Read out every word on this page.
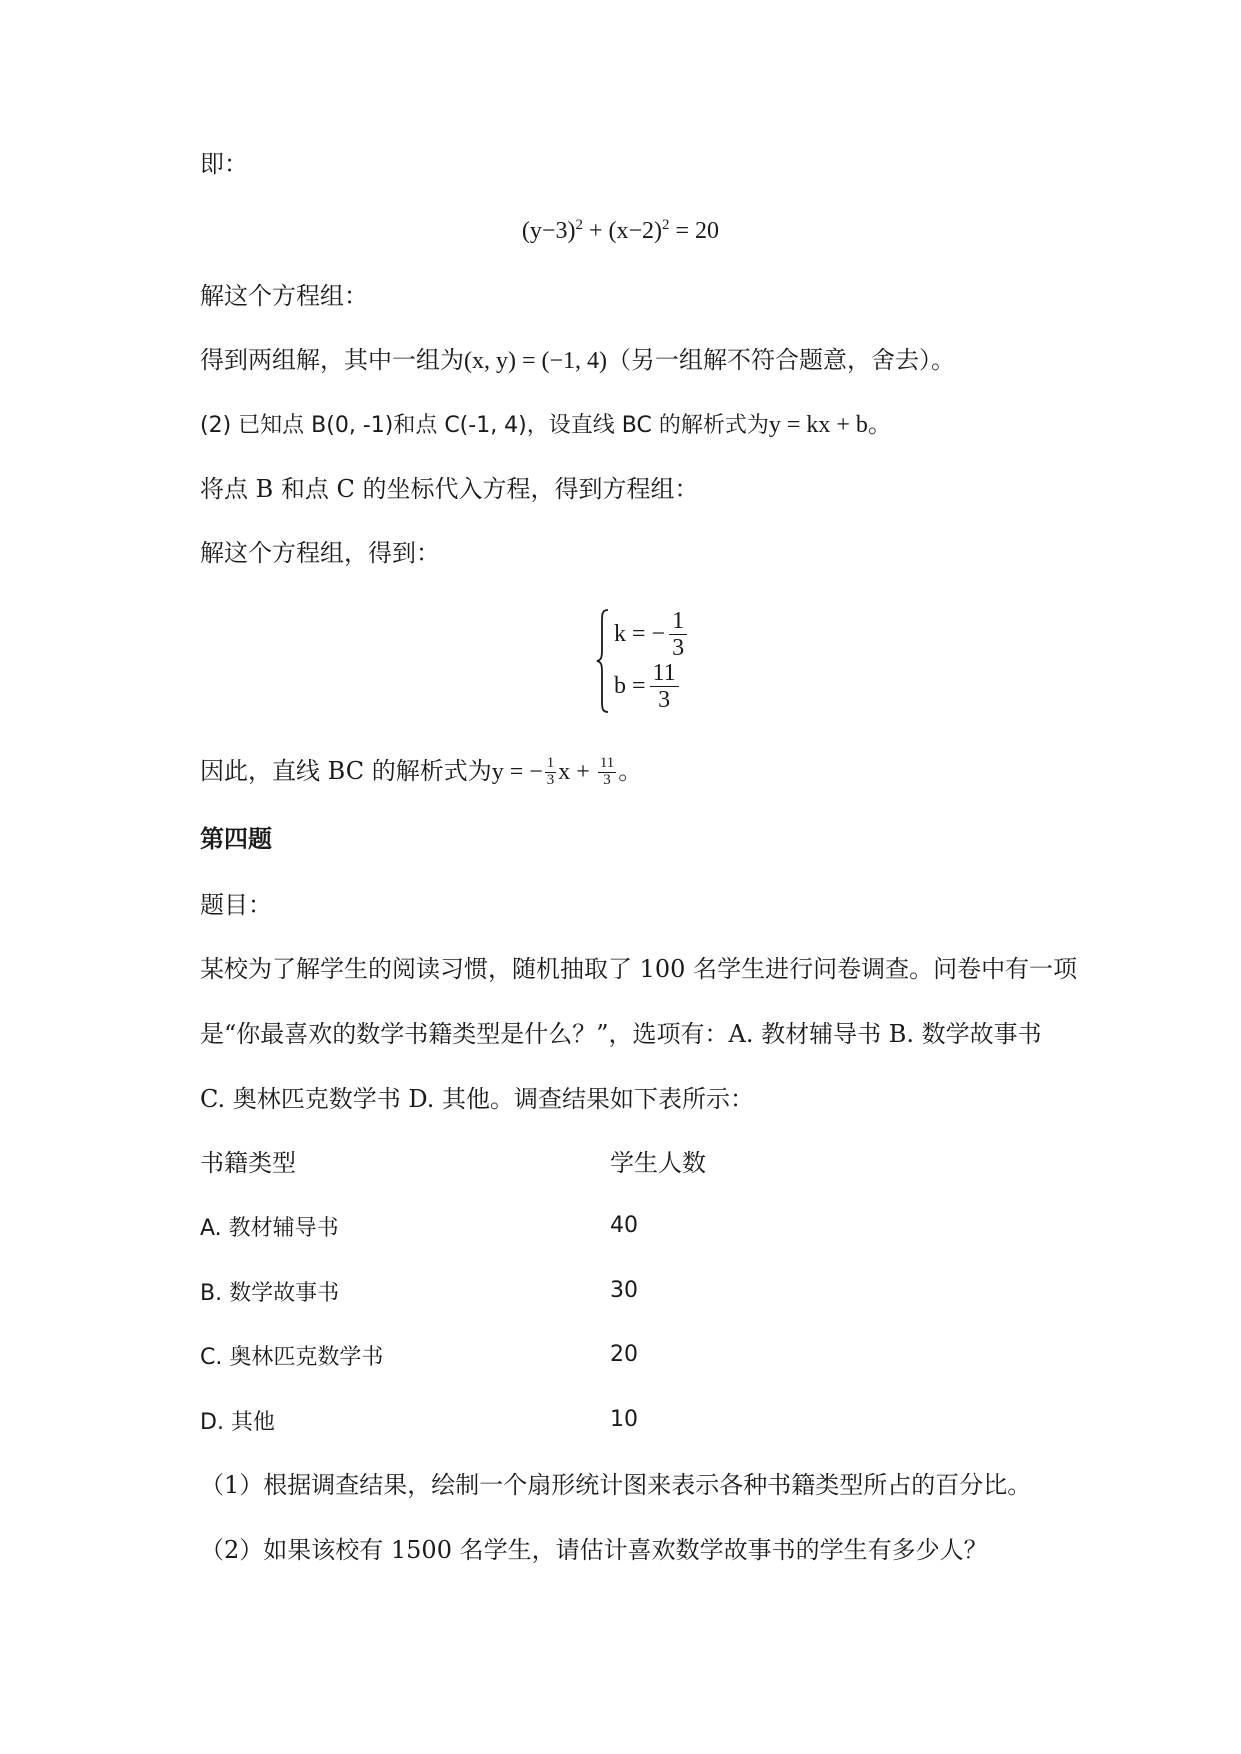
即：
$(y-3)^2 + (x-2)^2 = 20$
解这个方程组：
得到两组解，其中一组为(x, y) = (−1, 4)（另一组解不符合题意，舍去）。
(2) 已知点 B(0, -1)和点 C(-1, 4)，设直线 BC 的解析式为y = kx + b。
将点 B 和点 C 的坐标代入方程，得到方程组：
解这个方程组，得到：
k = − $\frac{1}{3}$
$b = \frac{11}{3}$
因此，直线 BC 的解析式为y = − $\frac{1}{3}$ $x + \frac{11}{3}$ 。
第四题
题目：
某校为了解学生的阅读习惯，随机抽取了 100 名学生进行问卷调查。问卷中有一项
是“你最喜欢的数学书籍类型是什么？”，选项有：A. 教材辅导书 B. 数学故事书
C. 奥林匹克数学书 D. 其他。调查结果如下表所示：
书籍类型	学生人数
A. 教材辅导书	40
B. 数学故事书	30
C. 奥林匹克数学书	20
D. 其他	10
（1）根据调查结果，绘制一个扇形统计图来表示各种书籍类型所占的百分比。
（2）如果该校有 1500 名学生，请估计喜欢数学故事书的学生有多少人？
